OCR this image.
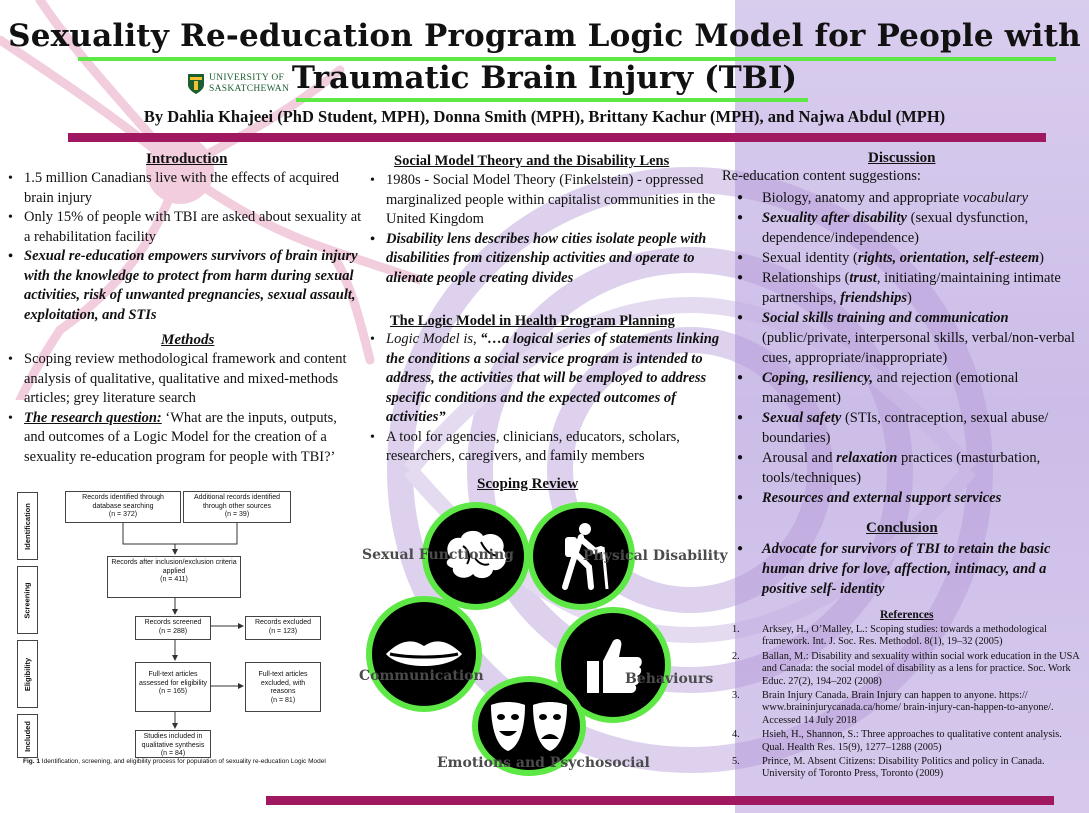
Sexuality Re-education Program Logic Model for People with
Traumatic Brain Injury (TBI)
UNIVERSITY OF
SASKATCHEWAN
By Dahlia Khajeei (PhD Student, MPH), Donna Smith (MPH), Brittany Kachur (MPH), and Najwa Abdul (MPH)
Introduction
• 1.5 million Canadians live with the effects of acquired brain injury
• Only 15% of people with TBI are asked about sexuality at a rehabilitation facility
• Sexual re-education empowers survivors of brain injury with the knowledge to protect from harm during sexual activities, risk of unwanted pregnancies, sexual assault, exploitation, and STIs
Methods
• Scoping review methodological framework and content analysis of qualitative, qualitative and mixed-methods articles; grey literature search
• The research question: ‘What are the inputs, outputs, and outcomes of a Logic Model for the creation of a sexuality re-education program for people with TBI?’
Identification
Screening
Eligibility
Included
Records identified through database searching
(n = 372)
Additional records identified through other sources
(n = 39)
Records after inclusion/exclusion criteria applied
(n = 411)
Records screened
(n = 288)
Records excluded
(n = 123)
Full-text articles assessed for eligibility
(n = 165)
Full-text articles excluded, with reasons
(n = 81)
Studies included in qualitative synthesis
(n = 84)
Fig. 1 Identification, screening, and eligibility process for population of sexuality re-education Logic Model
Social Model Theory and the Disability Lens
• 1980s - Social Model Theory (Finkelstein) - oppressed marginalized people within capitalist communities in the United Kingdom
• Disability lens describes how cities isolate people with disabilities from citizenship activities and operate to alienate people creating divides
The Logic Model in Health Program Planning
• Logic Model is, “…a logical series of statements linking the conditions a social service program is intended to address, the activities that will be employed to address specific conditions and the expected outcomes of activities”
• A tool for agencies, clinicians, educators, scholars, researchers, caregivers, and family members
Scoping Review
Sexual Functioning	Physical Disability
Communication	Behaviours
Emotions and Psychosocial
Discussion
Re-education content suggestions:
● Biology, anatomy and appropriate vocabulary
● Sexuality after disability (sexual dysfunction, dependence/independence)
● Sexual identity (rights, orientation, self-esteem)
● Relationships (trust, initiating/maintaining intimate partnerships, friendships)
● Social skills training and communication (public/private, interpersonal skills, verbal/non-verbal cues, appropriate/inappropriate)
● Coping, resiliency, and rejection (emotional management)
● Sexual safety (STIs, contraception, sexual abuse/ boundaries)
● Arousal and relaxation practices (masturbation, tools/techniques)
● Resources and external support services
Conclusion
● Advocate for survivors of TBI to retain the basic human drive for love, affection, intimacy, and a positive self- identity
References
1. Arksey, H., O’Malley, L.: Scoping studies: towards a methodological framework. Int. J. Soc. Res. Methodol. 8(1), 19–32 (2005)
2. Ballan, M.: Disability and sexuality within social work education in the USA and Canada: the social model of disability as a lens for practice. Soc. Work Educ. 27(2), 194–202 (2008)
3. Brain Injury Canada. Brain Injury can happen to anyone. https:// www.braininjurycanada.ca/home/ brain-injury-can-happen-to-anyone/. Accessed 14 July 2018
4. Hsieh, H., Shannon, S.: Three approaches to qualitative content analysis. Qual. Health Res. 15(9), 1277–1288 (2005)
5. Prince, M. Absent Citizens: Disability Politics and policy in Canada. University of Toronto Press, Toronto (2009)
